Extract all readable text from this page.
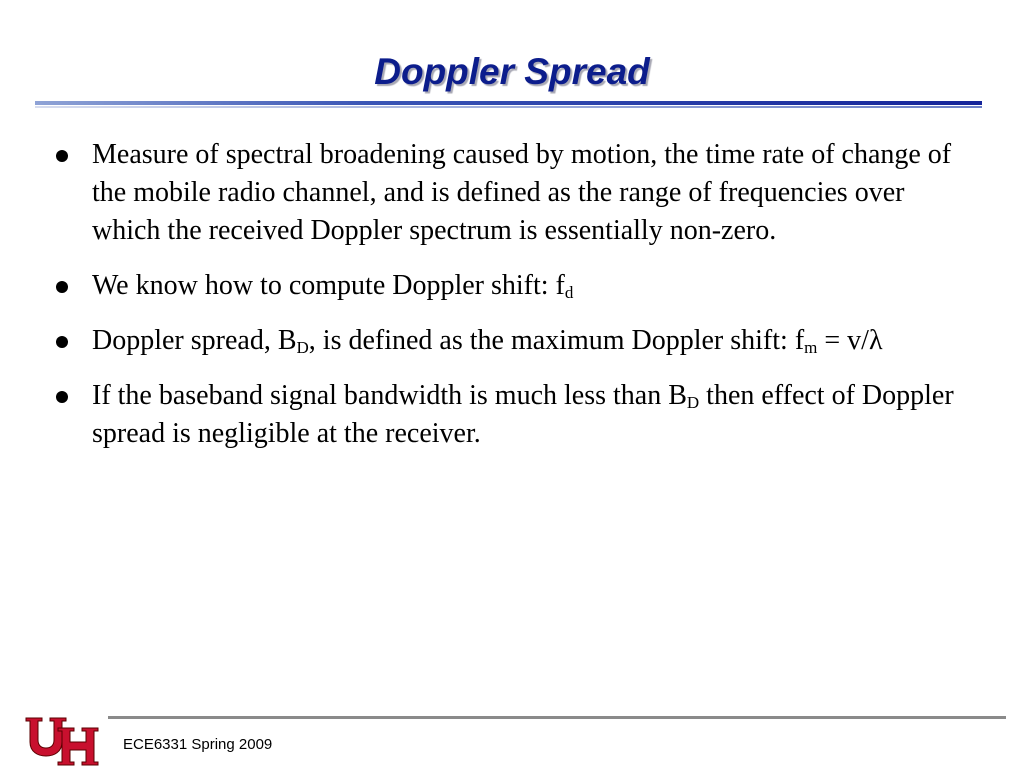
Doppler Spread
Measure of spectral broadening caused by motion, the time rate of change of the mobile radio channel, and is defined as the range of frequencies over which the received Doppler spectrum is essentially non-zero.
We know how to compute Doppler shift: $f_d$
Doppler spread, $B_D$, is defined as the maximum Doppler shift: $f_m = v/\lambda$
If the baseband signal bandwidth is much less than $B_D$ then effect of Doppler spread is negligible at the receiver.
ECE6331 Spring 2009
